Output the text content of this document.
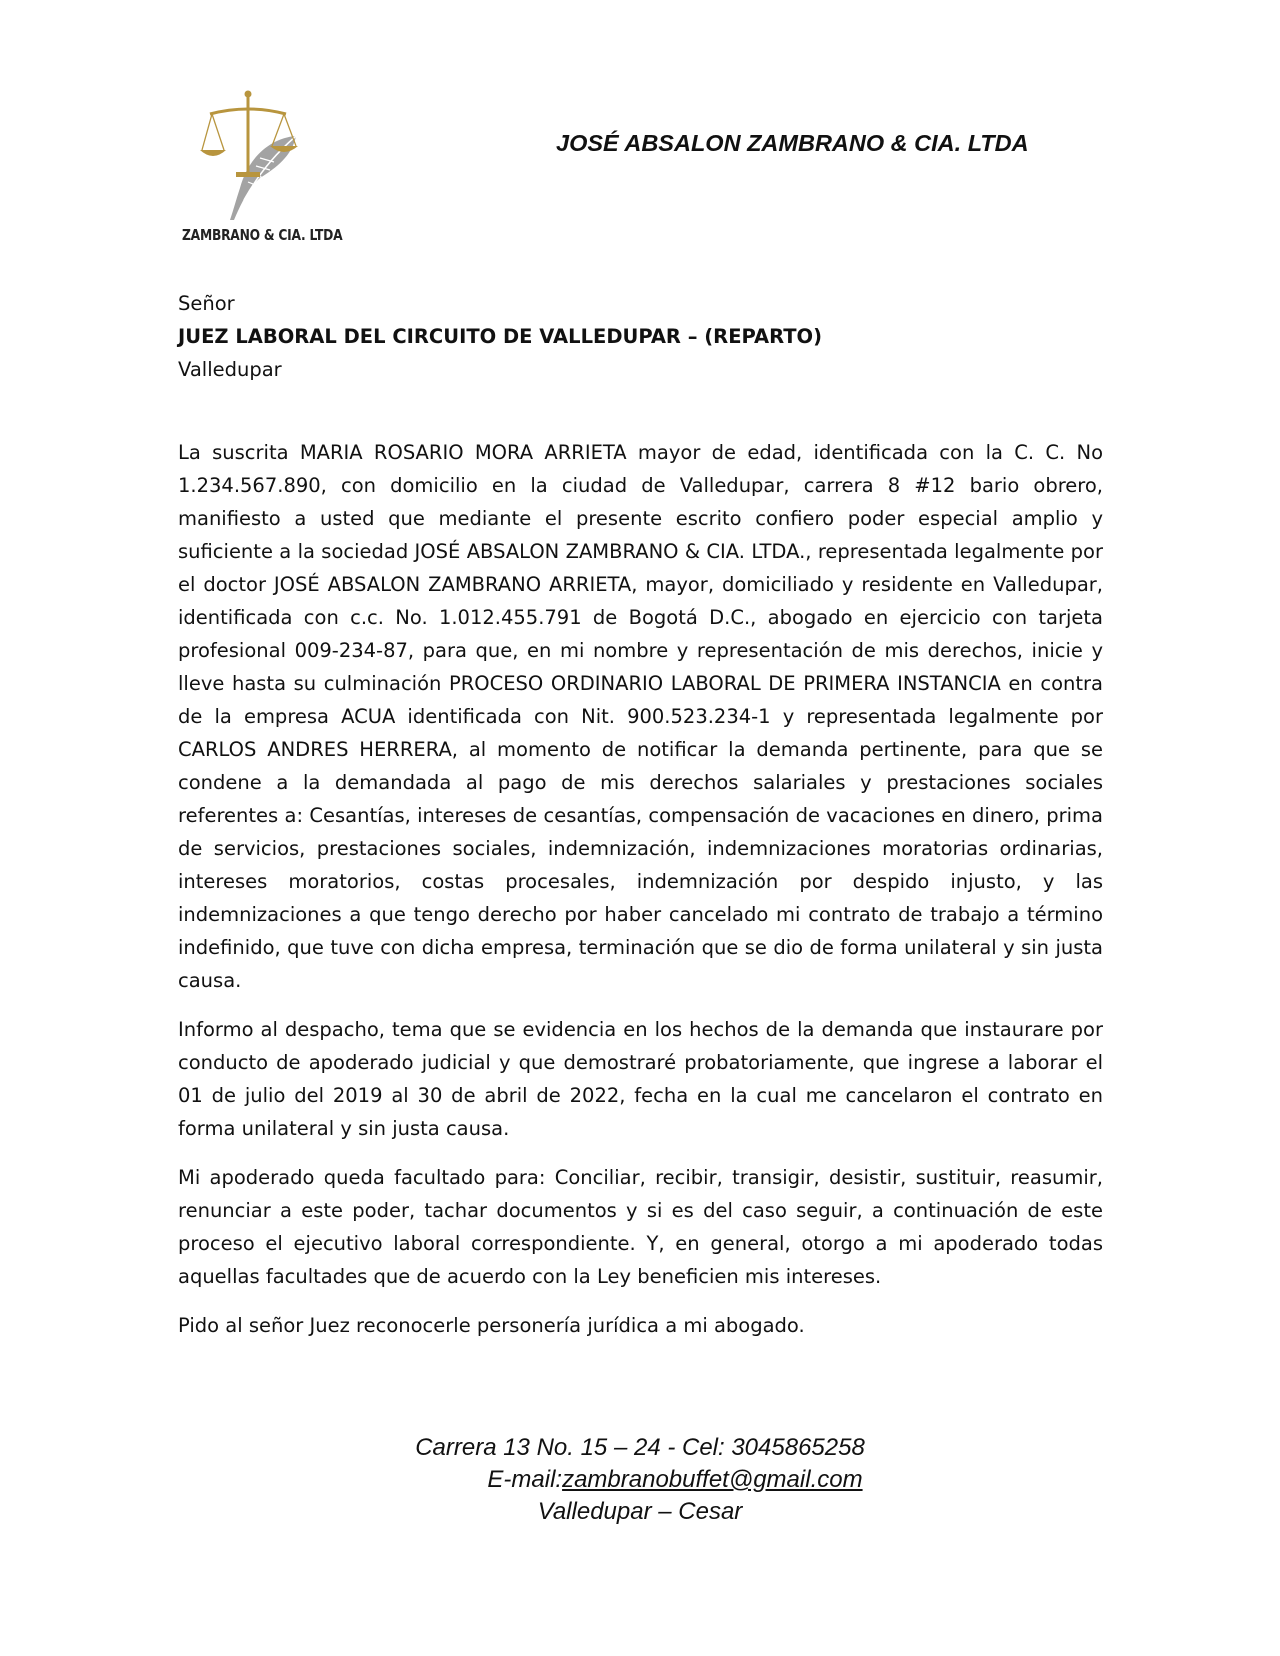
ZAMBRANO & CIA. LTDA
JOSÉ ABSALON ZAMBRANO & CIA. LTDA
Señor
JUEZ LABORAL DEL CIRCUITO DE VALLEDUPAR – (REPARTO)
Valledupar

La suscrita MARIA ROSARIO MORA ARRIETA mayor de edad, identificada con la C. C. No 1.234.567.890, con domicilio en la ciudad de Valledupar, carrera 8 #12 bario obrero, manifiesto a usted que mediante el presente escrito confiero poder especial amplio y suficiente a la sociedad JOSÉ ABSALON ZAMBRANO & CIA. LTDA., representada legalmente por el doctor JOSÉ ABSALON ZAMBRANO ARRIETA, mayor, domiciliado y residente en Valledupar, identificada con c.c. No. 1.012.455.791 de Bogotá D.C., abogado en ejercicio con tarjeta profesional 009-234-87, para que, en mi nombre y representación de mis derechos, inicie y lleve hasta su culminación PROCESO ORDINARIO LABORAL DE PRIMERA INSTANCIA en contra de la empresa ACUA identificada con Nit. 900.523.234-1 y representada legalmente por CARLOS ANDRES HERRERA, al momento de notificar la demanda pertinente, para que se condene a la demandada al pago de mis derechos salariales y prestaciones sociales referentes a: Cesantías, intereses de cesantías, compensación de vacaciones en dinero, prima de servicios, prestaciones sociales, indemnización, indemnizaciones moratorias ordinarias, intereses moratorios, costas procesales, indemnización por despido injusto, y las indemnizaciones a que tengo derecho por haber cancelado mi contrato de trabajo a término indefinido, que tuve con dicha empresa, terminación que se dio de forma unilateral y sin justa causa.

Informo al despacho, tema que se evidencia en los hechos de la demanda que instaurare por conducto de apoderado judicial y que demostraré probatoriamente, que ingrese a laborar el 01 de julio del 2019 al 30 de abril de 2022, fecha en la cual me cancelaron el contrato en forma unilateral y sin justa causa.

Mi apoderado queda facultado para: Conciliar, recibir, transigir, desistir, sustituir, reasumir, renunciar a este poder, tachar documentos y si es del caso seguir, a continuación de este proceso el ejecutivo laboral correspondiente. Y, en general, otorgo a mi apoderado todas aquellas facultades que de acuerdo con la Ley beneficien mis intereses.

Pido al señor Juez reconocerle personería jurídica a mi abogado.

Carrera 13 No. 15 – 24 - Cel: 3045865258
E-mail:zambranobuffet@gmail.com
Valledupar – Cesar
